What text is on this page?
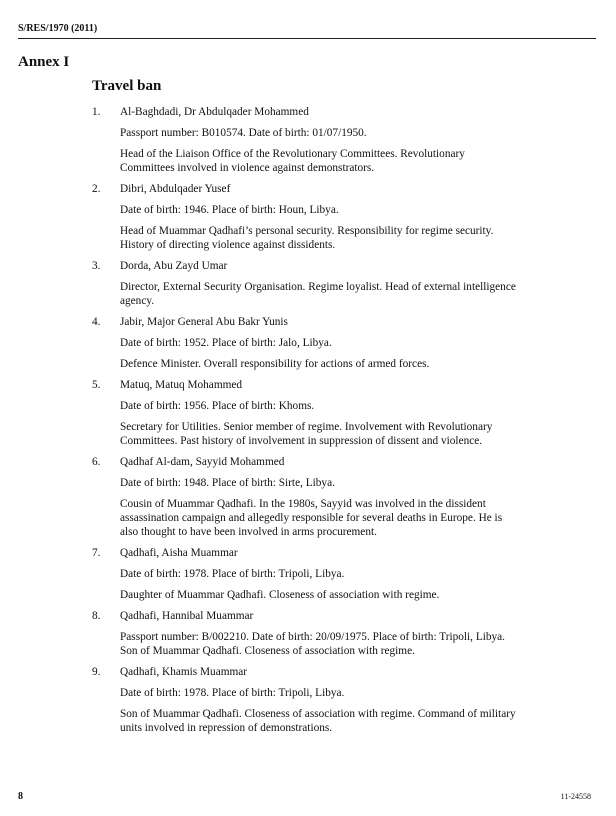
S/RES/1970 (2011)
Annex I
Travel ban
1.	Al-Baghdadi, Dr Abdulqader Mohammed
Passport number: B010574. Date of birth: 01/07/1950.
Head of the Liaison Office of the Revolutionary Committees. Revolutionary Committees involved in violence against demonstrators.
2.	Dibri, Abdulqader Yusef
Date of birth: 1946. Place of birth: Houn, Libya.
Head of Muammar Qadhafi’s personal security. Responsibility for regime security. History of directing violence against dissidents.
3.	Dorda, Abu Zayd Umar
Director, External Security Organisation. Regime loyalist. Head of external intelligence agency.
4.	Jabir, Major General Abu Bakr Yunis
Date of birth: 1952. Place of birth: Jalo, Libya.
Defence Minister. Overall responsibility for actions of armed forces.
5.	Matuq, Matuq Mohammed
Date of birth: 1956. Place of birth: Khoms.
Secretary for Utilities. Senior member of regime. Involvement with Revolutionary Committees. Past history of involvement in suppression of dissent and violence.
6.	Qadhaf Al-dam, Sayyid Mohammed
Date of birth: 1948. Place of birth: Sirte, Libya.
Cousin of Muammar Qadhafi. In the 1980s, Sayyid was involved in the dissident assassination campaign and allegedly responsible for several deaths in Europe. He is also thought to have been involved in arms procurement.
7.	Qadhafi, Aisha Muammar
Date of birth: 1978. Place of birth: Tripoli, Libya.
Daughter of Muammar Qadhafi. Closeness of association with regime.
8.	Qadhafi, Hannibal Muammar
Passport number: B/002210. Date of birth: 20/09/1975. Place of birth: Tripoli, Libya. Son of Muammar Qadhafi. Closeness of association with regime.
9.	Qadhafi, Khamis Muammar
Date of birth: 1978. Place of birth: Tripoli, Libya.
Son of Muammar Qadhafi. Closeness of association with regime. Command of military units involved in repression of demonstrations.
8	11-24558
